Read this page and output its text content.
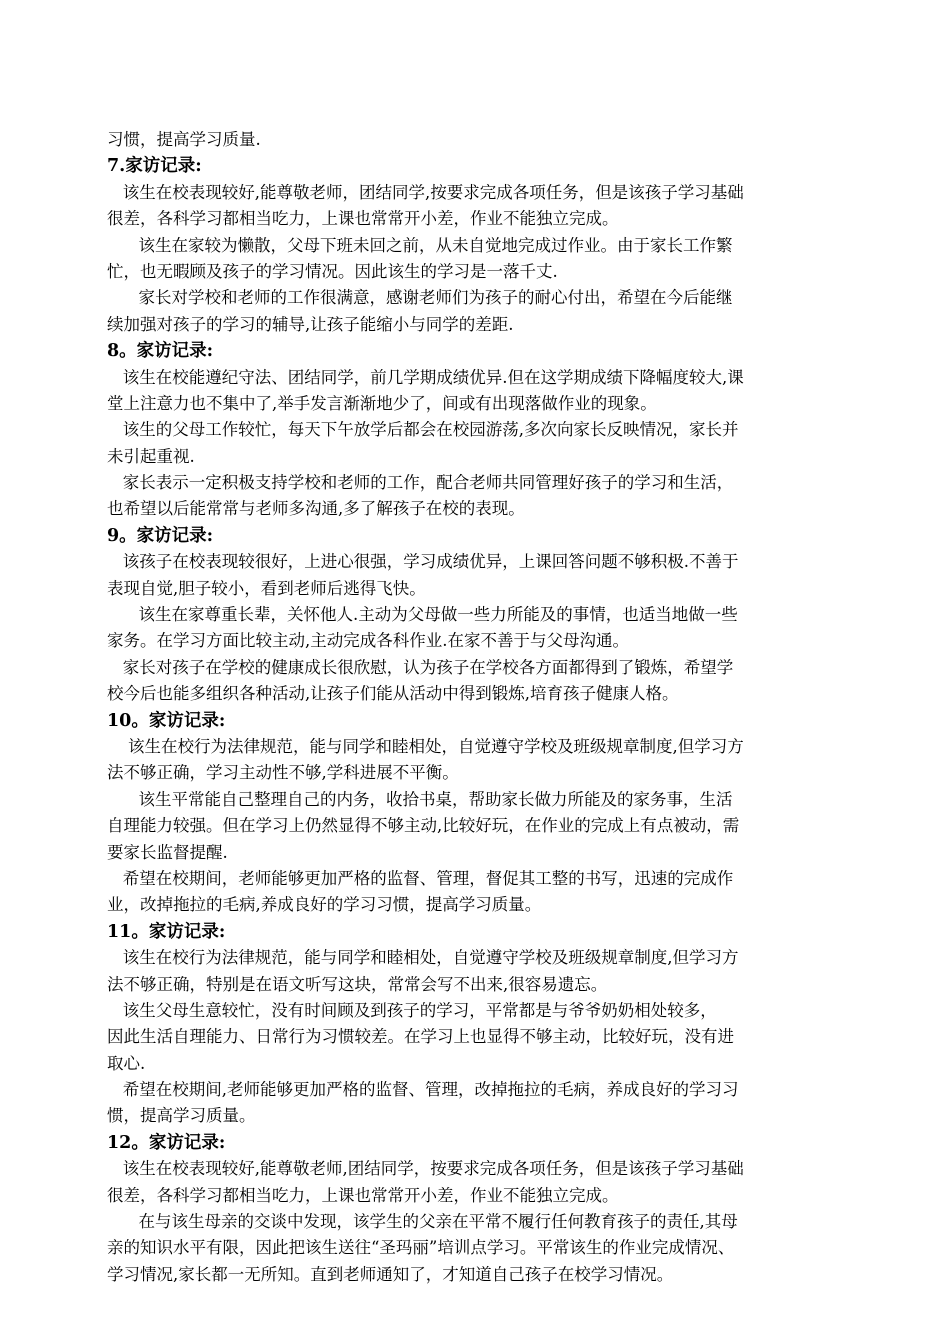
习惯，提高学习质量.
7.家访记录:
该生在校表现较好,能尊敬老师，团结同学,按要求完成各项任务，但是该孩子学习基础
很差，各科学习都相当吃力，上课也常常开小差，作业不能独立完成。
该生在家较为懒散，父母下班未回之前，从未自觉地完成过作业。由于家长工作繁
忙，也无暇顾及孩子的学习情况。因此该生的学习是一落千丈.
家长对学校和老师的工作很满意，感谢老师们为孩子的耐心付出，希望在今后能继
续加强对孩子的学习的辅导,让孩子能缩小与同学的差距.
8。家访记录:
该生在校能遵纪守法、团结同学，前几学期成绩优异.但在这学期成绩下降幅度较大,课
堂上注意力也不集中了,举手发言渐渐地少了，间或有出现落做作业的现象。
该生的父母工作较忙，每天下午放学后都会在校园游荡,多次向家长反映情况，家长并
未引起重视.
家长表示一定积极支持学校和老师的工作，配合老师共同管理好孩子的学习和生活，
也希望以后能常常与老师多沟通,多了解孩子在校的表现。
9。家访记录:
该孩子在校表现较很好，上进心很强，学习成绩优异，上课回答问题不够积极.不善于
表现自觉,胆子较小，看到老师后逃得飞快。
该生在家尊重长辈，关怀他人.主动为父母做一些力所能及的事情，也适当地做一些
家务。在学习方面比较主动,主动完成各科作业.在家不善于与父母沟通。
家长对孩子在学校的健康成长很欣慰，认为孩子在学校各方面都得到了锻炼，希望学
校今后也能多组织各种活动,让孩子们能从活动中得到锻炼,培育孩子健康人格。
10。家访记录:
该生在校行为法律规范，能与同学和睦相处，自觉遵守学校及班级规章制度,但学习方
法不够正确，学习主动性不够,学科进展不平衡。
该生平常能自己整理自己的内务，收拾书桌，帮助家长做力所能及的家务事，生活
自理能力较强。但在学习上仍然显得不够主动,比较好玩，在作业的完成上有点被动，需
要家长监督提醒.
希望在校期间，老师能够更加严格的监督、管理，督促其工整的书写，迅速的完成作
业，改掉拖拉的毛病,养成良好的学习习惯，提高学习质量。
11。家访记录:
该生在校行为法律规范，能与同学和睦相处，自觉遵守学校及班级规章制度,但学习方
法不够正确，特别是在语文听写这块，常常会写不出来,很容易遗忘。
该生父母生意较忙，没有时间顾及到孩子的学习，平常都是与爷爷奶奶相处较多，
因此生活自理能力、日常行为习惯较差。在学习上也显得不够主动，比较好玩，没有进
取心.
希望在校期间,老师能够更加严格的监督、管理，改掉拖拉的毛病，养成良好的学习习
惯，提高学习质量。
12。家访记录:
该生在校表现较好,能尊敬老师,团结同学，按要求完成各项任务，但是该孩子学习基础
很差，各科学习都相当吃力，上课也常常开小差，作业不能独立完成。
在与该生母亲的交谈中发现，该学生的父亲在平常不履行任何教育孩子的责任,其母
亲的知识水平有限，因此把该生送往“圣玛丽”培训点学习。平常该生的作业完成情况、
学习情况,家长都一无所知。直到老师通知了，才知道自己孩子在校学习情况。
